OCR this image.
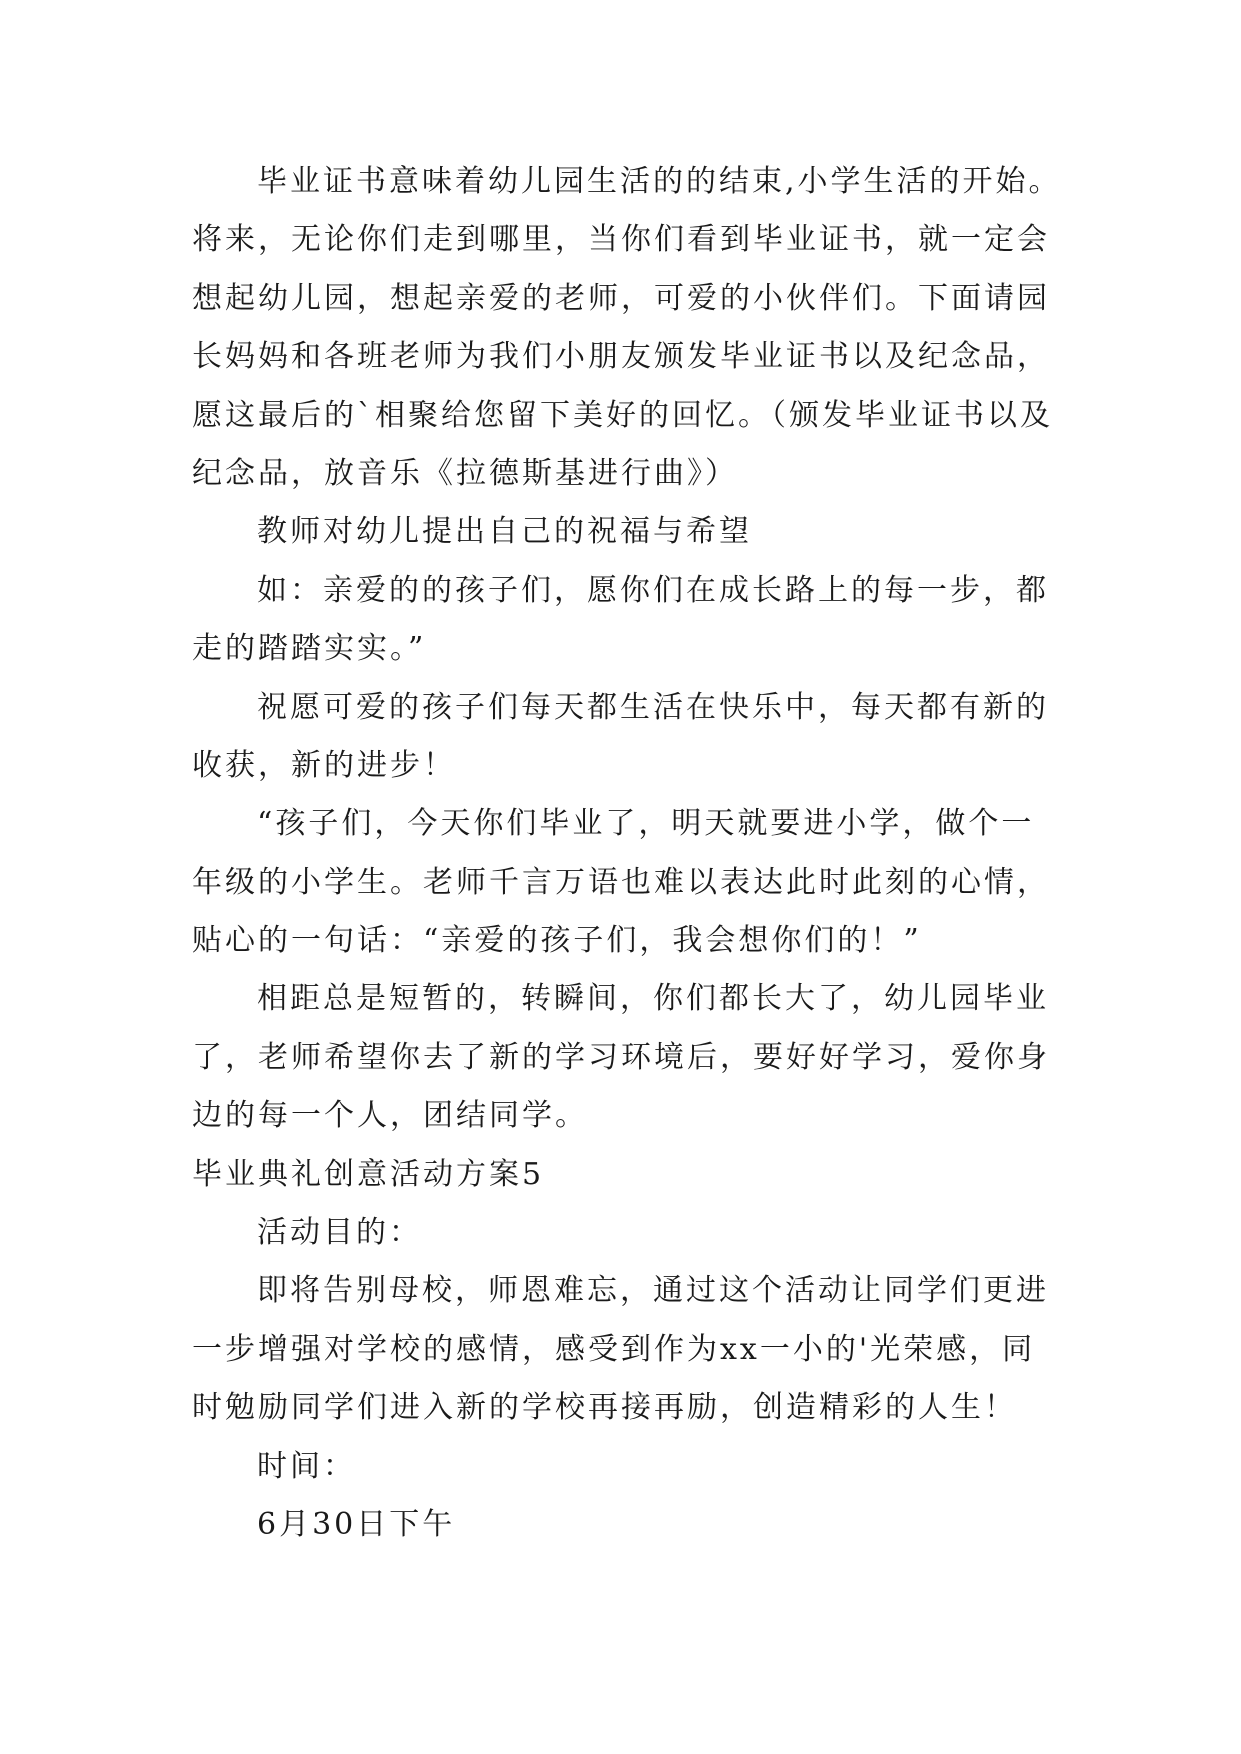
毕业证书意味着幼儿园生活的的结束,小学生活的开始。
将来，无论你们走到哪里，当你们看到毕业证书，就一定会
想起幼儿园，想起亲爱的老师，可爱的小伙伴们。下面请园
长妈妈和各班老师为我们小朋友颁发毕业证书以及纪念品，
愿这最后的`相聚给您留下美好的回忆。（颁发毕业证书以及
纪念品，放音乐《拉德斯基进行曲》）
教师对幼儿提出自己的祝福与希望
如：亲爱的的孩子们，愿你们在成长路上的每一步，都
走的踏踏实实。”
祝愿可爱的孩子们每天都生活在快乐中，每天都有新的
收获，新的进步！
“孩子们，今天你们毕业了，明天就要进小学，做个一
年级的小学生。老师千言万语也难以表达此时此刻的心情，
贴心的一句话：“亲爱的孩子们，我会想你们的！”
相距总是短暂的，转瞬间，你们都长大了，幼儿园毕业
了，老师希望你去了新的学习环境后，要好好学习，爱你身
边的每一个人，团结同学。
毕业典礼创意活动方案5
活动目的：
即将告别母校，师恩难忘，通过这个活动让同学们更进
一步增强对学校的感情，感受到作为xx一小的'光荣感，同
时勉励同学们进入新的学校再接再励，创造精彩的人生！
时间：
6月30日下午
